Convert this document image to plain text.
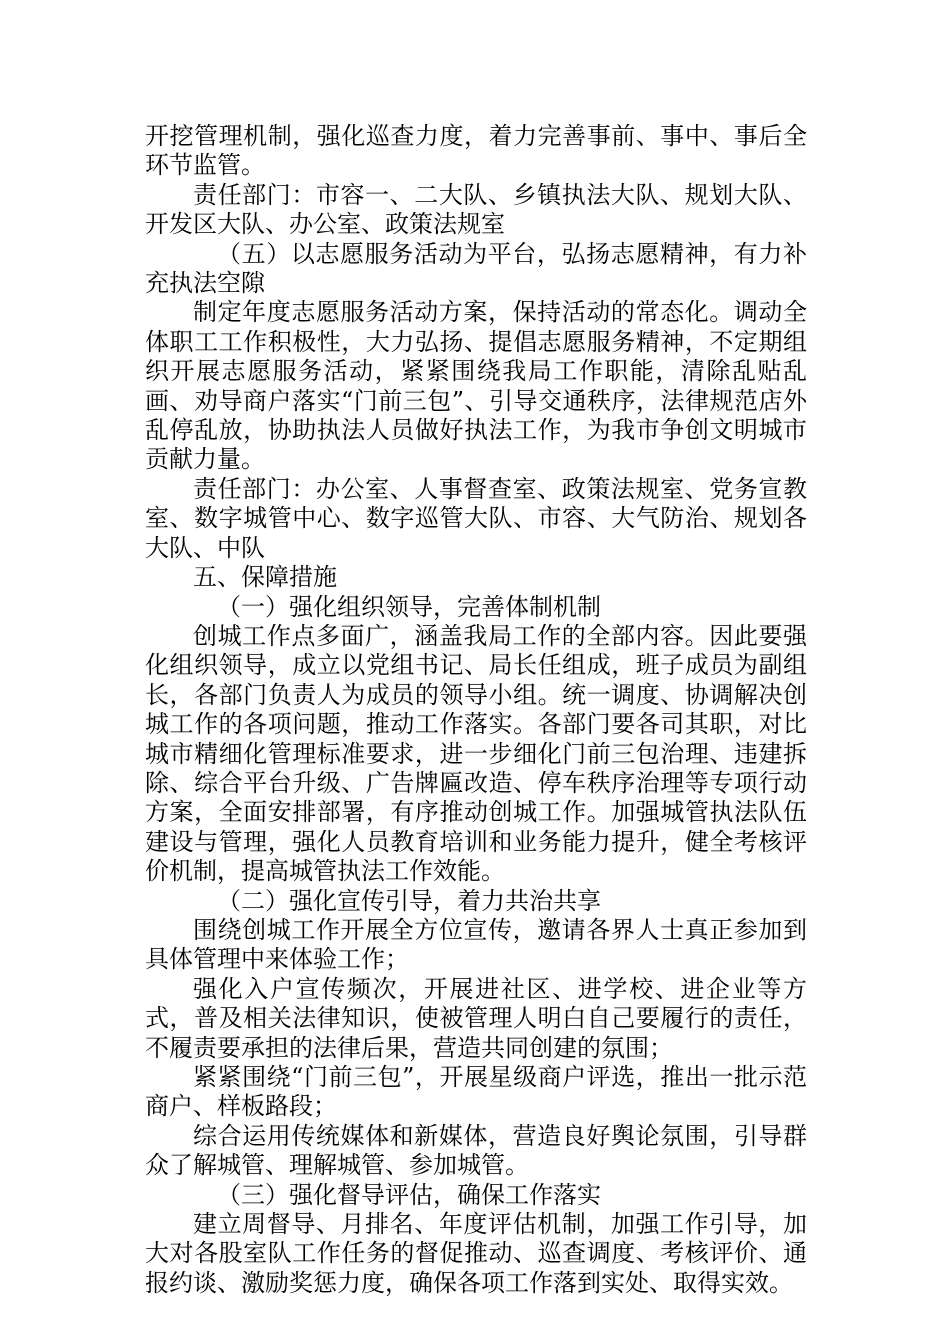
开挖管理机制，强化巡查力度，着力完善事前、事中、事后全环节监管。

责任部门：市容一、二大队、乡镇执法大队、规划大队、开发区大队、办公室、政策法规室

（五）以志愿服务活动为平台，弘扬志愿精神，有力补充执法空隙

制定年度志愿服务活动方案，保持活动的常态化。调动全体职工工作积极性，大力弘扬、提倡志愿服务精神，不定期组织开展志愿服务活动，紧紧围绕我局工作职能，清除乱贴乱画、劝导商户落实“门前三包”、引导交通秩序，法律规范店外乱停乱放，协助执法人员做好执法工作，为我市争创文明城市贡献力量。

责任部门：办公室、人事督查室、政策法规室、党务宣教室、数字城管中心、数字巡管大队、市容、大气防治、规划各大队、中队

五、保障措施

（一）强化组织领导，完善体制机制

创城工作点多面广，涵盖我局工作的全部内容。因此要强化组织领导，成立以党组书记、局长任组成，班子成员为副组长，各部门负责人为成员的领导小组。统一调度、协调解决创城工作的各项问题，推动工作落实。各部门要各司其职，对比城市精细化管理标准要求，进一步细化门前三包治理、违建拆除、综合平台升级、广告牌匾改造、停车秩序治理等专项行动方案，全面安排部署，有序推动创城工作。加强城管执法队伍建设与管理，强化人员教育培训和业务能力提升，健全考核评价机制，提高城管执法工作效能。

（二）强化宣传引导，着力共治共享

围绕创城工作开展全方位宣传，邀请各界人士真正参加到具体管理中来体验工作；

强化入户宣传频次，开展进社区、进学校、进企业等方式，普及相关法律知识，使被管理人明白自己要履行的责任，不履责要承担的法律后果，营造共同创建的氛围；

紧紧围绕“门前三包”，开展星级商户评选，推出一批示范商户、样板路段；

综合运用传统媒体和新媒体，营造良好舆论氛围，引导群众了解城管、理解城管、参加城管。

（三）强化督导评估，确保工作落实

建立周督导、月排名、年度评估机制，加强工作引导，加大对各股室队工作任务的督促推动、巡查调度、考核评价、通报约谈、激励奖惩力度，确保各项工作落到实处、取得实效。
